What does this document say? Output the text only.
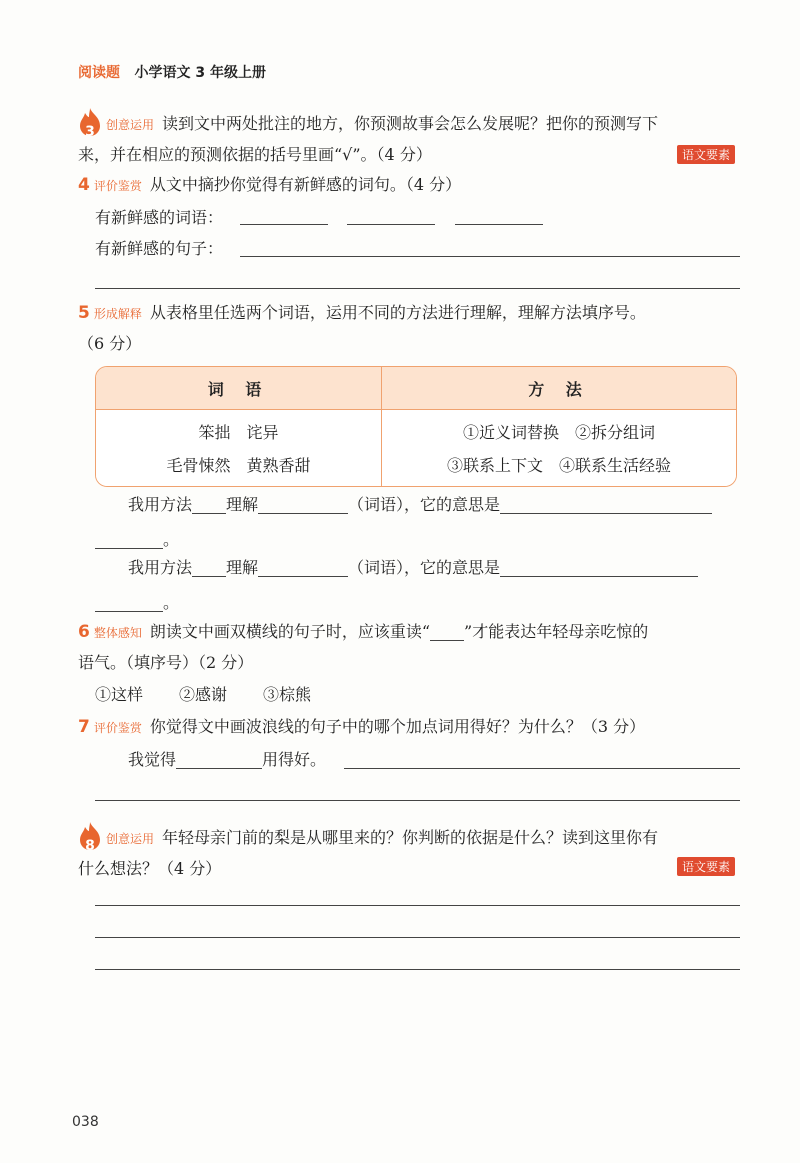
阅读题 小学语文 3 年级上册
3 创意运用 读到文中两处批注的地方，你预测故事会怎么发展呢？把你的预测写下
来，并在相应的预测依据的括号里画“√”。（4 分）	语文要素
4 评价鉴赏 从文中摘抄你觉得有新鲜感的词句。（4 分）
有新鲜感的词语：
有新鲜感的句子：
5 形成解释 从表格里任选两个词语，运用不同的方法进行理解，理解方法填序号。
（6 分）
词 语	方 法
笨拙　诧异	①近义词替换　②拆分组词
毛骨悚然　黄熟香甜	③联系上下文　④联系生活经验
我用方法 理解	（词语），它的意思是
。
我用方法 理解	（词语），它的意思是
。
6 整体感知 朗读文中画双横线的句子时，应该重读“ ”才能表达年轻母亲吃惊的
语气。（填序号）（2 分）
①这样 ②感谢 ③棕熊
7 评价鉴赏 你觉得文中画波浪线的句子中的哪个加点词用得好？为什么？（3 分）
我觉得	用得好。
8 创意运用 年轻母亲门前的梨是从哪里来的？你判断的依据是什么？读到这里你有
什么想法？（4 分）	语文要素
038
